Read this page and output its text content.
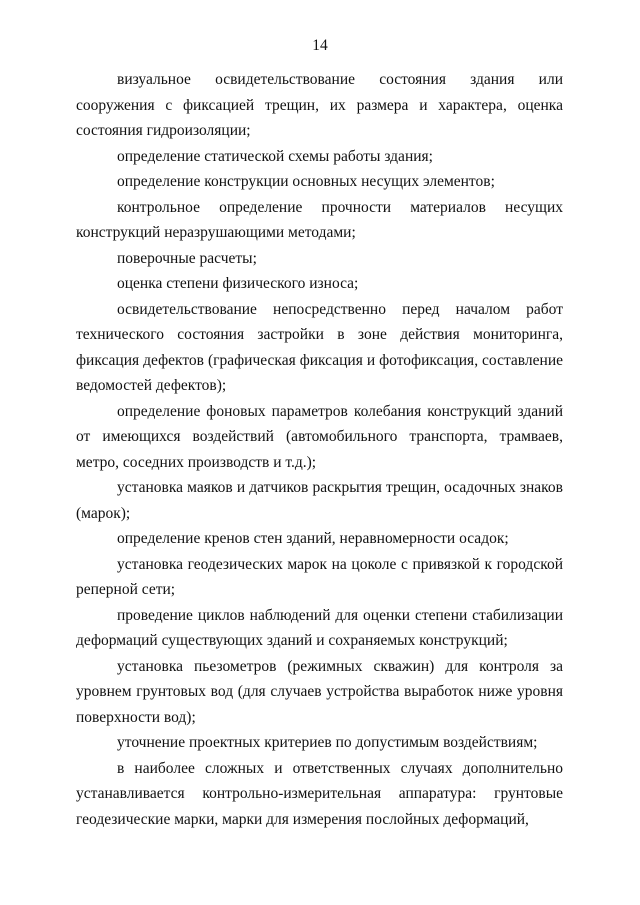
14

визуальное освидетельствование состояния здания или сооружения с фиксацией трещин, их размера и характера, оценка состояния гидроизоляции;

определение статической схемы работы здания;

определение конструкции основных несущих элементов;

контрольное определение прочности материалов несущих конструкций неразрушающими методами;

поверочные расчеты;

оценка степени физического износа;

освидетельствование непосредственно перед началом работ технического состояния застройки в зоне действия мониторинга, фиксация дефектов (графическая фиксация и фотофиксация, составление ведомостей дефектов);

определение фоновых параметров колебания конструкций зданий от имеющихся воздействий (автомобильного транспорта, трамваев, метро, соседних производств и т.д.);

установка маяков и датчиков раскрытия трещин, осадочных знаков (марок);

определение кренов стен зданий, неравномерности осадок;

установка геодезических марок на цоколе с привязкой к городской реперной сети;

проведение циклов наблюдений для оценки степени стабилизации деформаций существующих зданий и сохраняемых конструкций;

установка пьезометров (режимных скважин) для контроля за уровнем грунтовых вод (для случаев устройства выработок ниже уровня поверхности вод);

уточнение проектных критериев по допустимым воздействиям;

в наиболее сложных и ответственных случаях дополнительно устанавливается контрольно-измерительная аппаратура: грунтовые геодезические марки, марки для измерения послойных деформаций,
